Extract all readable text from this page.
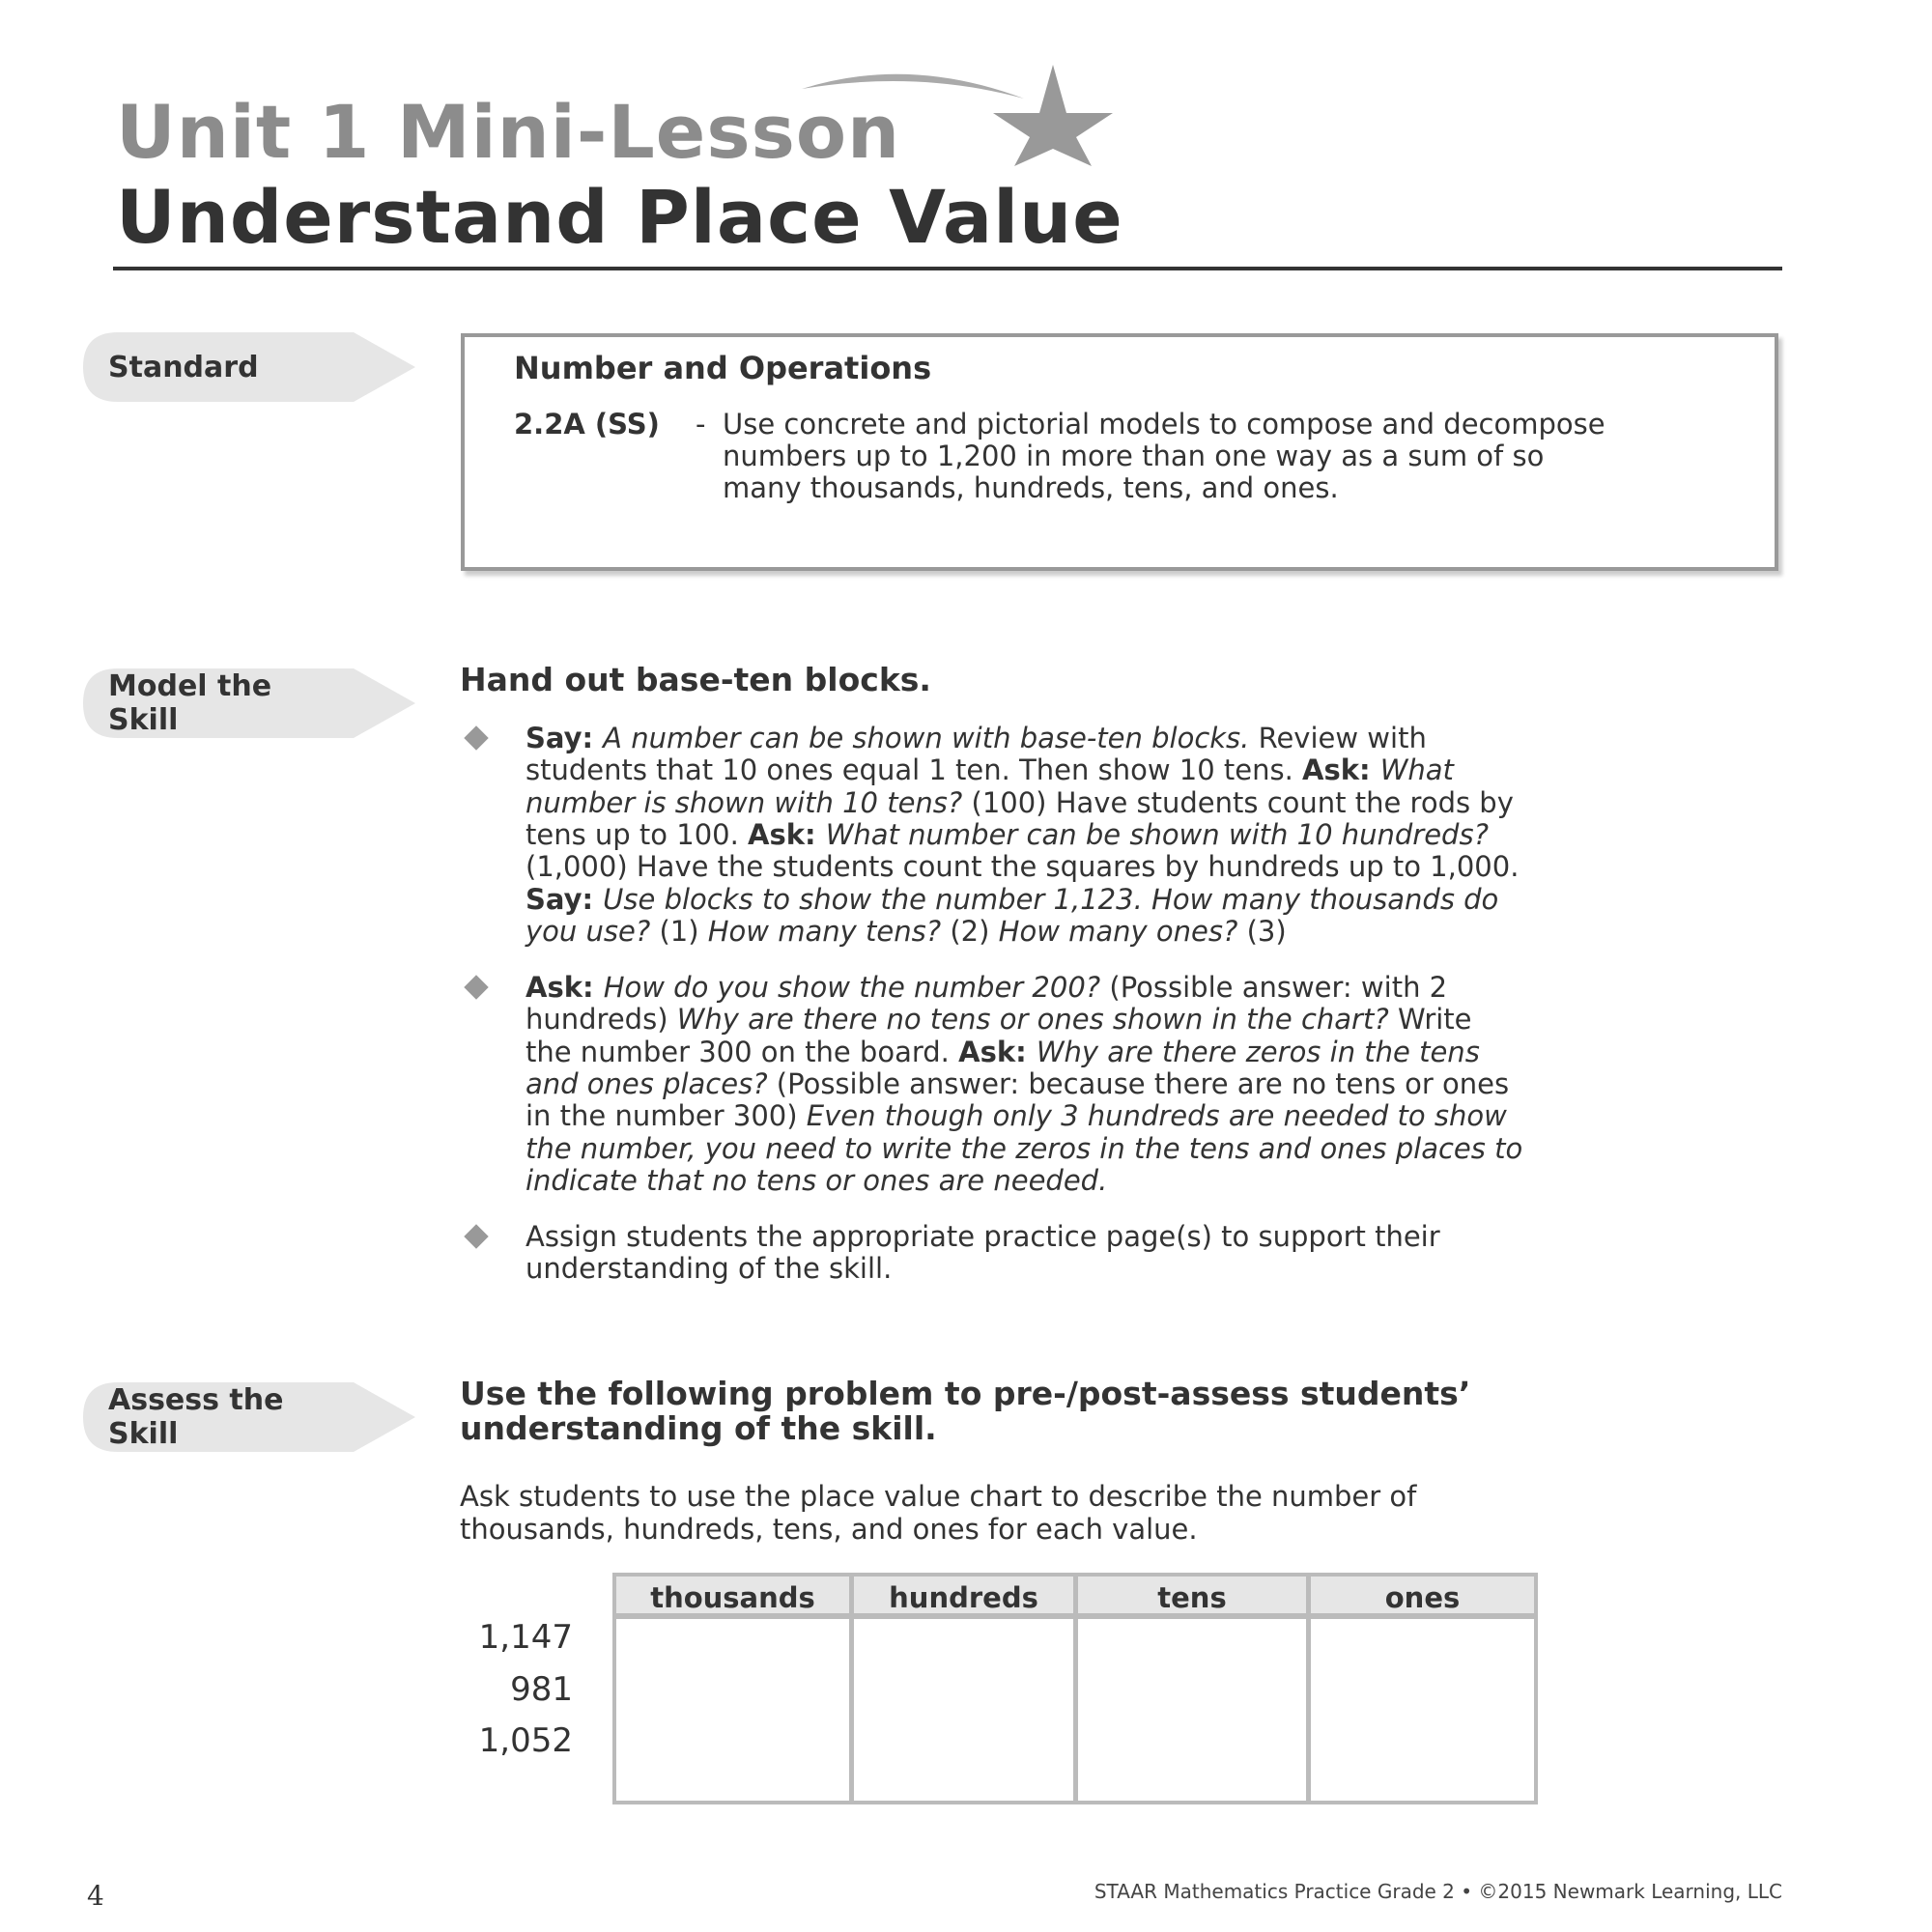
Unit 1 Mini-Lesson
Understand Place Value
Standard	Number and Operations
2.2A (SS) - Use concrete and pictorial models to compose and decompose
numbers up to 1,200 in more than one way as a sum of so
many thousands, hundreds, tens, and ones.
Model the
Skill
Hand out base-ten blocks.
Say: A number can be shown with base-ten blocks. Review with
students that 10 ones equal 1 ten. Then show 10 tens. Ask: What
number is shown with 10 tens? (100) Have students count the rods by
tens up to 100. Ask: What number can be shown with 10 hundreds?
(1,000) Have the students count the squares by hundreds up to 1,000.
Say: Use blocks to show the number 1,123. How many thousands do
you use? (1) How many tens? (2) How many ones? (3)
Ask: How do you show the number 200? (Possible answer: with 2
hundreds) Why are there no tens or ones shown in the chart? Write
the number 300 on the board. Ask: Why are there zeros in the tens
and ones places? (Possible answer: because there are no tens or ones
in the number 300) Even though only 3 hundreds are needed to show
the number, you need to write the zeros in the tens and ones places to
indicate that no tens or ones are needed.
Assign students the appropriate practice page(s) to support their
understanding of the skill.
Assess the
Skill
Use the following problem to pre-/post-assess students’
understanding of the skill.
Ask students to use the place value chart to describe the number of
thousands, hundreds, tens, and ones for each value.
thousands	hundreds	tens	ones
1,147
981
1,052
4	STAAR Mathematics Practice Grade 2 • ©2015 Newmark Learning, LLC
